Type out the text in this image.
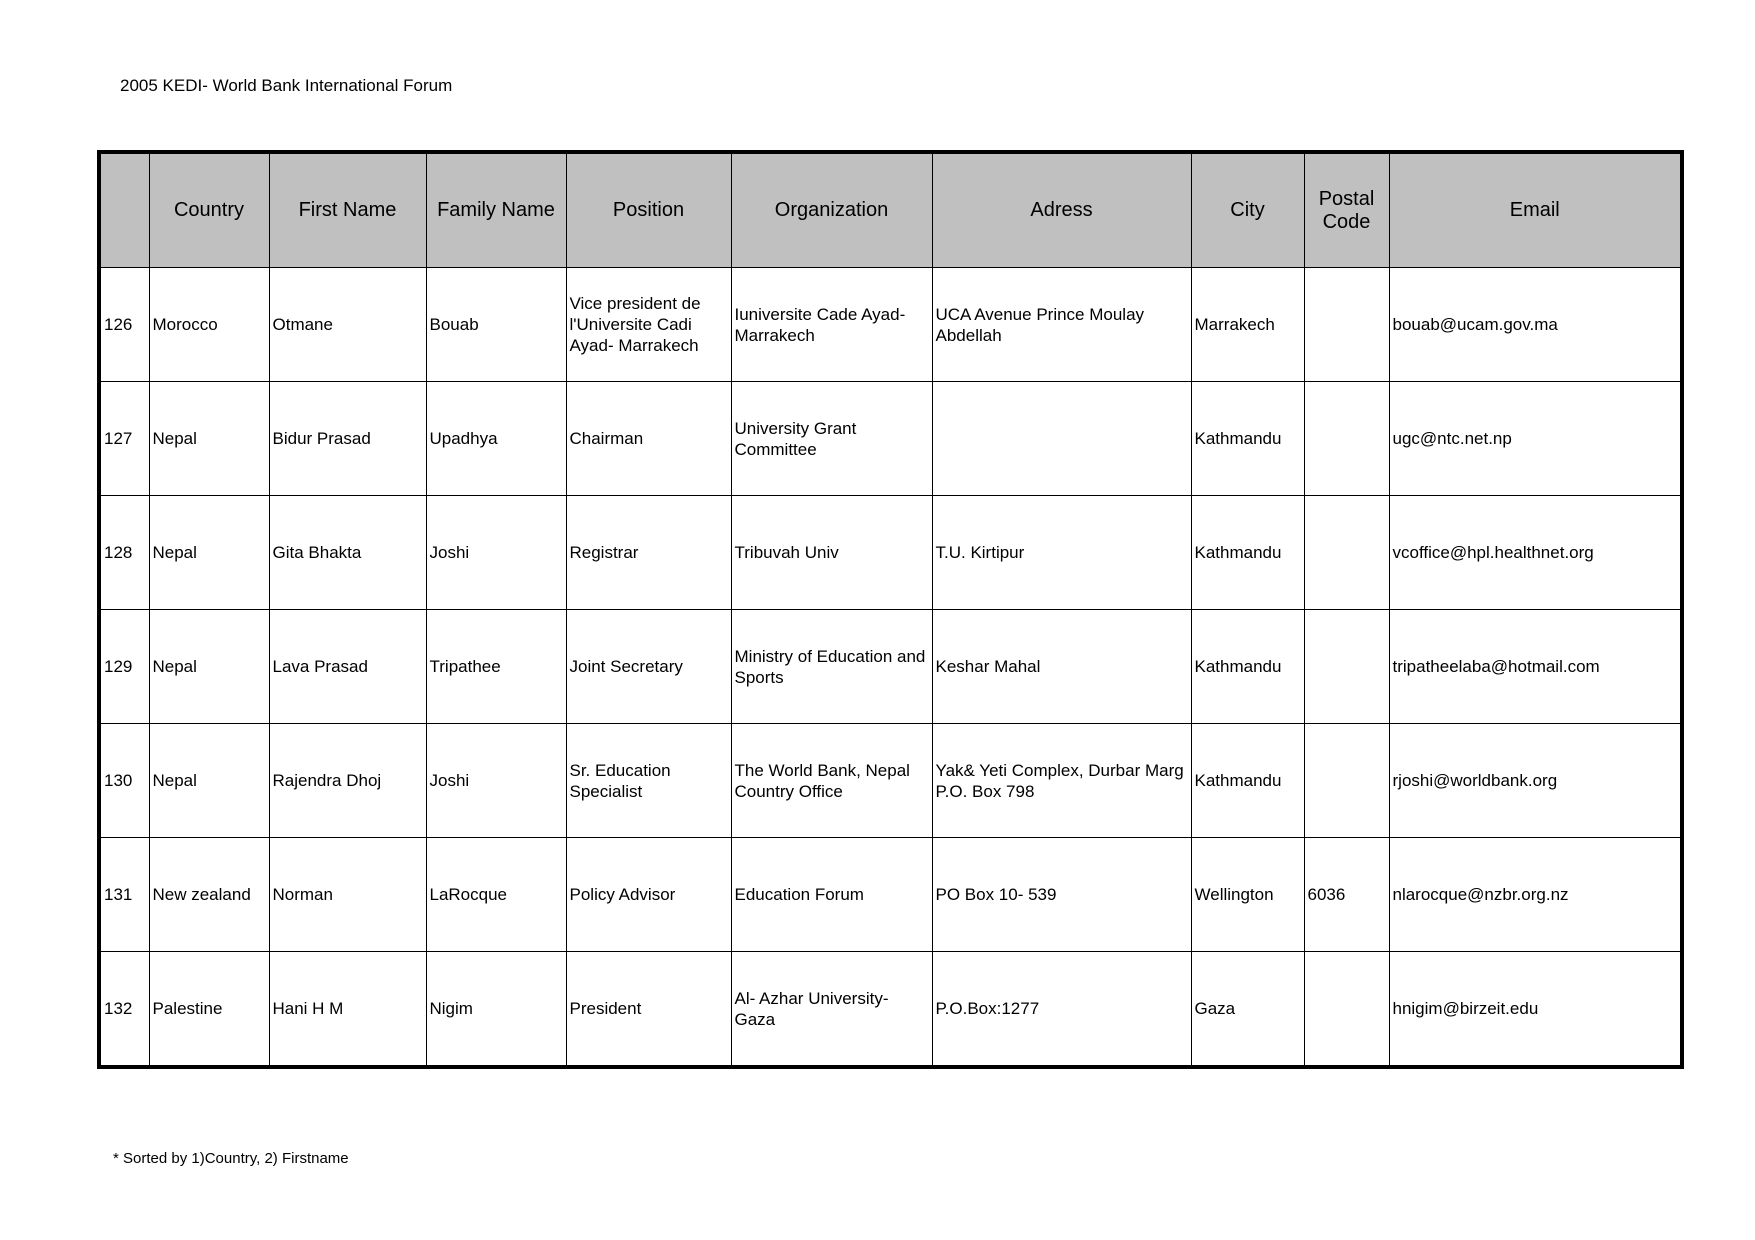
2005 KEDI- World Bank International Forum
	Country	First Name	Family Name	Position	Organization	Adress	City	Postal Code	Email
126	Morocco	Otmane	Bouab	Vice president de l'Universite Cadi Ayad- Marrakech	Iuniversite Cade Ayad- Marrakech	UCA Avenue Prince Moulay Abdellah	Marrakech		bouab@ucam.gov.ma
127	Nepal	Bidur Prasad	Upadhya	Chairman	University Grant Committee		Kathmandu		ugc@ntc.net.np
128	Nepal	Gita Bhakta	Joshi	Registrar	Tribuvah Univ	T.U. Kirtipur	Kathmandu		vcoffice@hpl.healthnet.org
129	Nepal	Lava Prasad	Tripathee	Joint Secretary	Ministry of Education and Sports	Keshar Mahal	Kathmandu		tripatheelaba@hotmail.com
130	Nepal	Rajendra Dhoj	Joshi	Sr. Education Specialist	The World Bank, Nepal Country Office	Yak& Yeti Complex, Durbar Marg P.O. Box 798	Kathmandu		rjoshi@worldbank.org
131	New zealand	Norman	LaRocque	Policy Advisor	Education Forum	PO Box 10- 539	Wellington	6036	nlarocque@nzbr.org.nz
132	Palestine	Hani H M	Nigim	President	Al- Azhar University- Gaza	P.O.Box:1277	Gaza		hnigim@birzeit.edu
* Sorted by 1)Country, 2) Firstname
